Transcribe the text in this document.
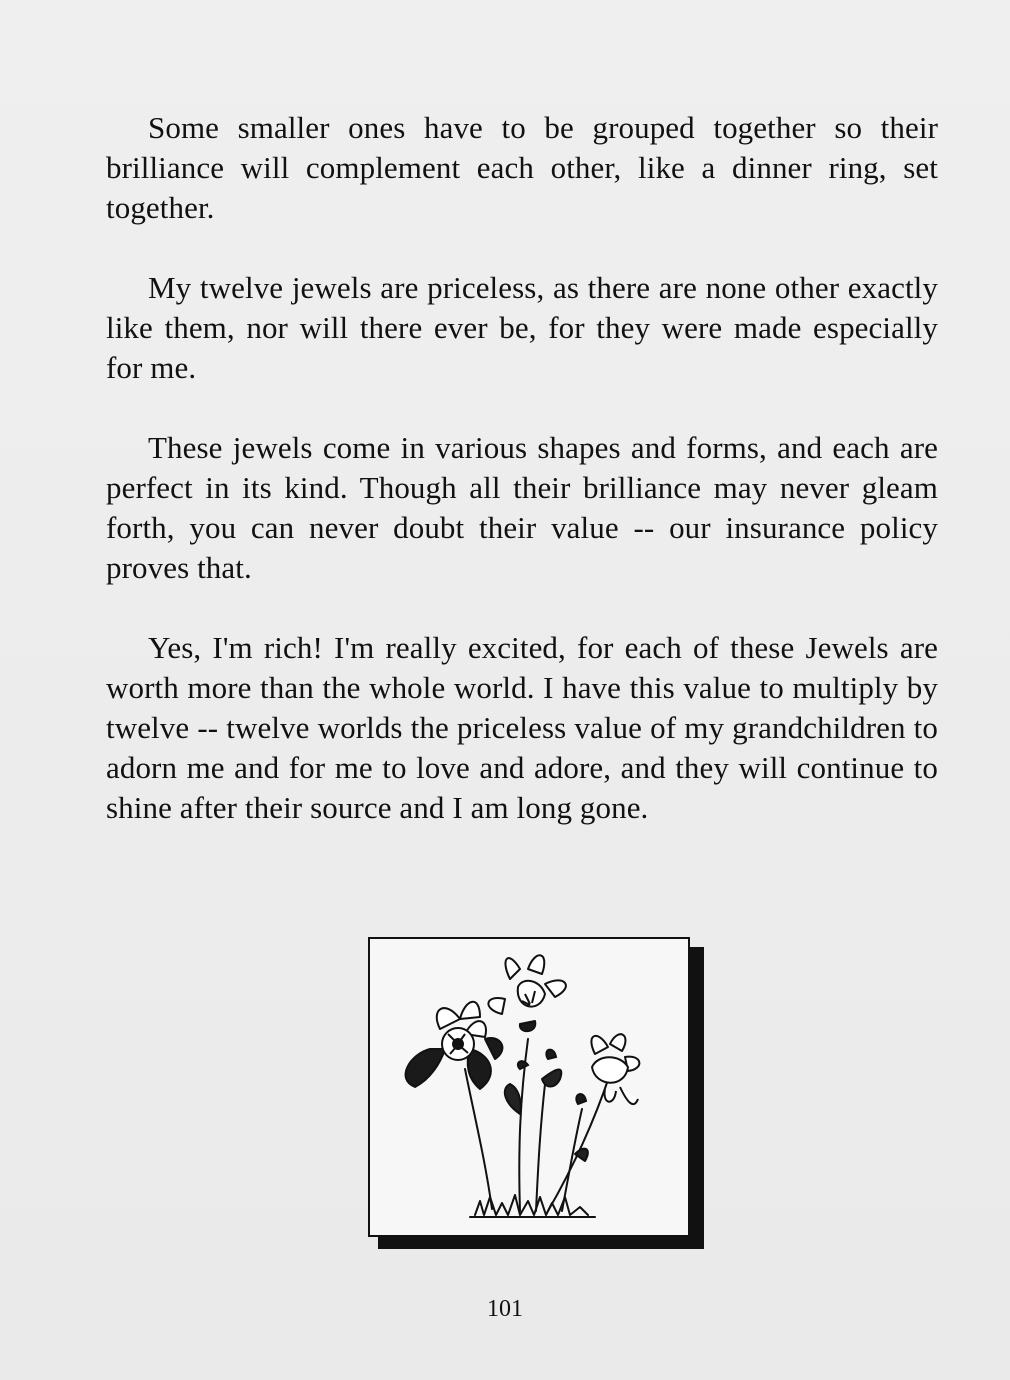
Some smaller ones have to be grouped together so their brilliance will complement each other, like a dinner ring, set together.

My twelve jewels are priceless, as there are none other exactly like them, nor will there ever be, for they were made especially for me.

These jewels come in various shapes and forms, and each are perfect in its kind. Though all their brilliance may never gleam forth, you can never doubt their value -- our insurance policy proves that.

Yes, I'm rich! I'm really excited, for each of these Jewels are worth more than the whole world. I have this value to multiply by twelve -- twelve worlds the priceless value of my grandchildren to adorn me and for me to love and adore, and they will continue to shine after their source and I am long gone.

101
